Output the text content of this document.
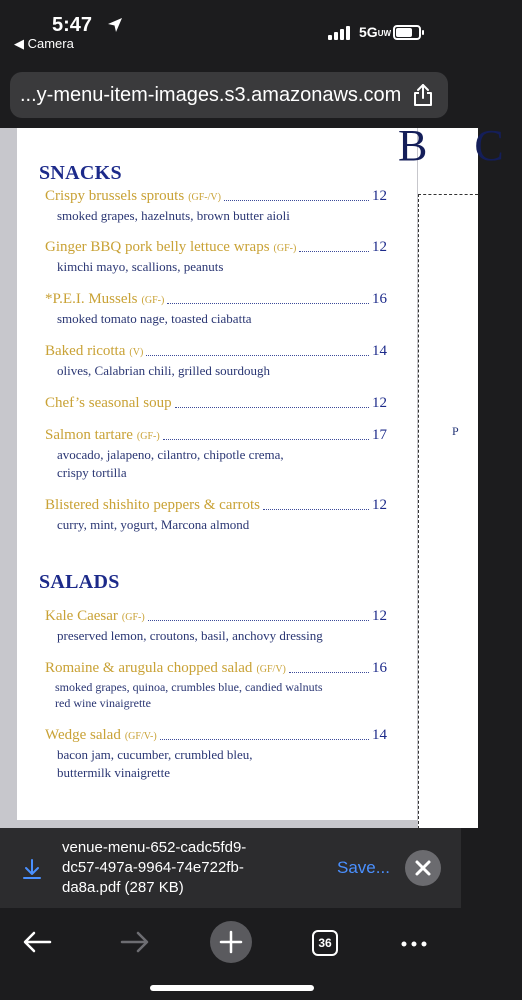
5:47
◀ Camera
5GUW
...y-menu-item-images.s3.amazonaws.com
SNACKS
Crispy brussels sprouts (GF-/V)	12
smoked grapes, hazelnuts, brown butter aioli
Ginger BBQ pork belly lettuce wraps (GF-)	12
kimchi mayo, scallions, peanuts
*P.E.I. Mussels (GF-)	16
smoked tomato nage, toasted ciabatta
Baked ricotta (V)	14
olives, Calabrian chili, grilled sourdough
Chef’s seasonal soup	12
Salmon tartare (GF-)	17
avocado, jalapeno, cilantro, chipotle crema,
crispy tortilla
Blistered shishito peppers & carrots	12
curry, mint, yogurt, Marcona almond
SALADS
Kale Caesar (GF-)	12
preserved lemon, croutons, basil, anchovy dressing
Romaine & arugula chopped salad (GF/V)	16
smoked grapes, quinoa, crumbles blue, candied walnuts
red wine vinaigrette
Wedge salad (GF/V-)	14
bacon jam, cucumber, crumbled bleu,
buttermilk vinaigrette
B C
P
venue-menu-652-cadc5fd9-
dc57-497a-9964-74e722fb-
da8a.pdf (287 KB)
Save...
36
